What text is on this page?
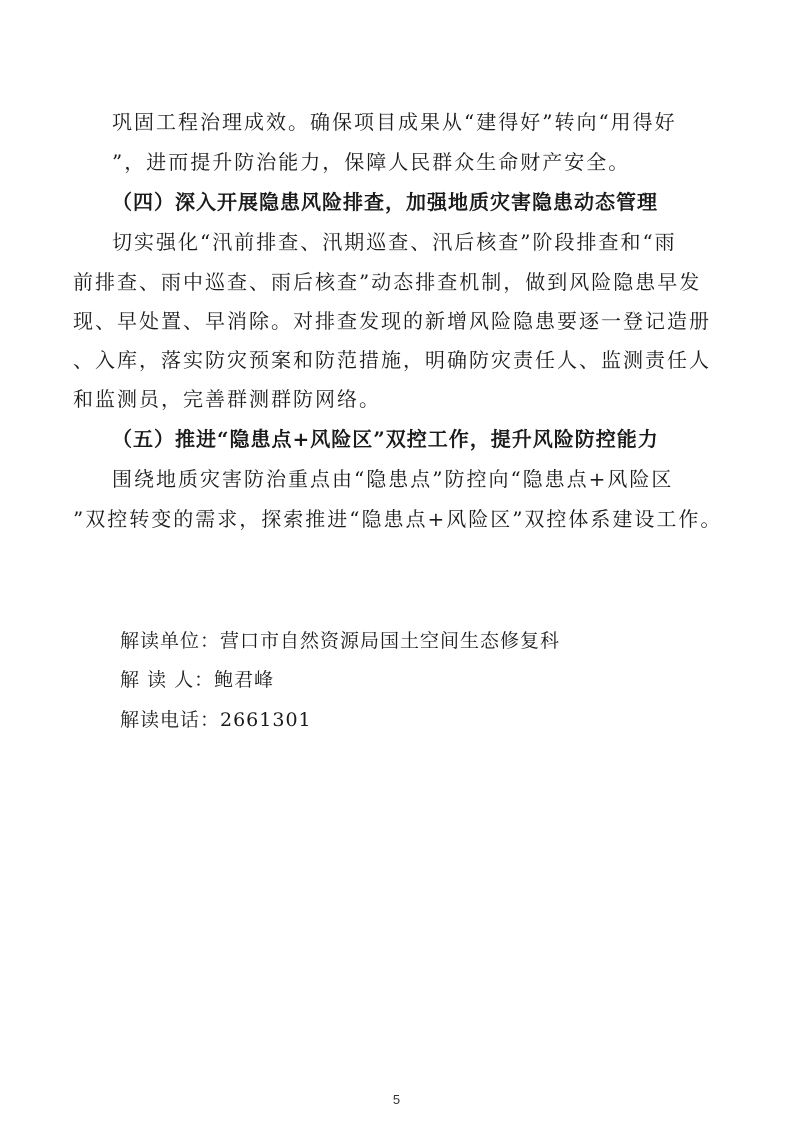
巩固工程治理成效。确保项目成果从“建得好”转向“用得好
”，进而提升防治能力，保障人民群众生命财产安全。
（四）深入开展隐患风险排查，加强地质灾害隐患动态管理
切实强化“汛前排查、汛期巡查、汛后核查”阶段排查和“雨
前排查、雨中巡查、雨后核查”动态排查机制，做到风险隐患早发
现、早处置、早消除。对排查发现的新增风险隐患要逐一登记造册
、入库，落实防灾预案和防范措施，明确防灾责任人、监测责任人
和监测员，完善群测群防网络。
（五）推进“隐患点+风险区”双控工作，提升风险防控能力
围绕地质灾害防治重点由“隐患点”防控向“隐患点+风险区
”双控转变的需求，探索推进“隐患点+风险区”双控体系建设工作。
解读单位：营口市自然资源局国土空间生态修复科
解 读 人：鲍君峰
解读电话：2661301
5
